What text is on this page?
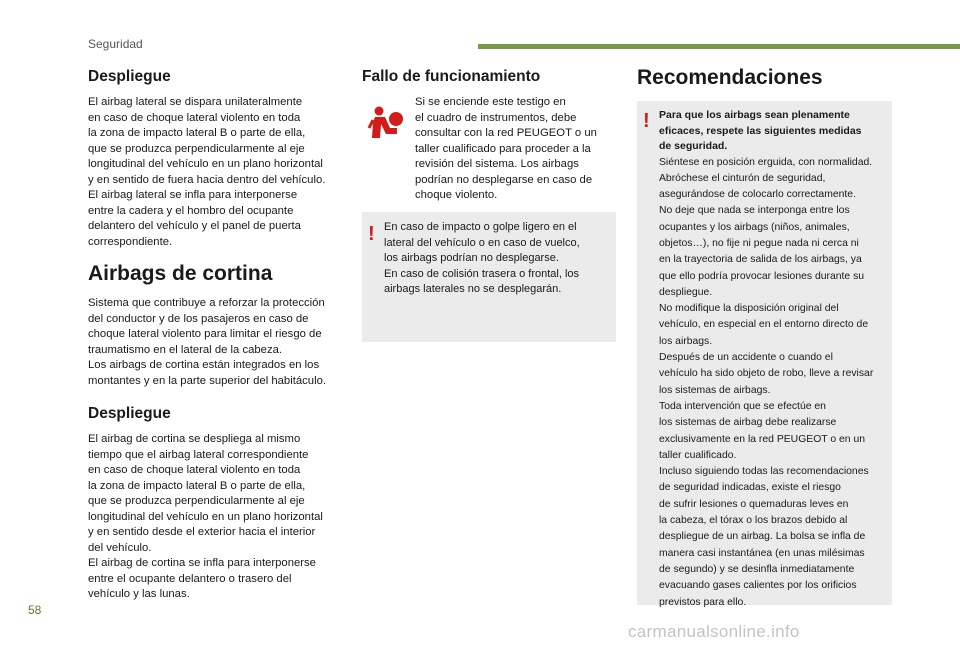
Seguridad
Despliegue

El airbag lateral se dispara unilateralmente
en caso de choque lateral violento en toda
la zona de impacto lateral B o parte de ella,
que se produzca perpendicularmente al eje
longitudinal del vehículo en un plano horizontal
y en sentido de fuera hacia dentro del vehículo.
El airbag lateral se infla para interponerse
entre la cadera y el hombro del ocupante
delantero del vehículo y el panel de puerta
correspondiente.

Airbags de cortina

Sistema que contribuye a reforzar la protección
del conductor y de los pasajeros en caso de
choque lateral violento para limitar el riesgo de
traumatismo en el lateral de la cabeza.
Los airbags de cortina están integrados en los
montantes y en la parte superior del habitáculo.

Despliegue

El airbag de cortina se despliega al mismo
tiempo que el airbag lateral correspondiente
en caso de choque lateral violento en toda
la zona de impacto lateral B o parte de ella,
que se produzca perpendicularmente al eje
longitudinal del vehículo en un plano horizontal
y en sentido desde el exterior hacia el interior
del vehículo.
El airbag de cortina se infla para interponerse
entre el ocupante delantero o trasero del
vehículo y las lunas.

Fallo de funcionamiento

Si se enciende este testigo en
el cuadro de instrumentos, debe
consultar con la red PEUGEOT o un
taller cualificado para proceder a la
revisión del sistema. Los airbags
podrían no desplegarse en caso de
choque violento.

! En caso de impacto o golpe ligero en el
lateral del vehículo o en caso de vuelco,
los airbags podrían no desplegarse.
En caso de colisión trasera o frontal, los
airbags laterales no se desplegarán.
Recomendaciones
! Para que los airbags sean plenamente
eficaces, respete las siguientes medidas
de seguridad.
Siéntese en posición erguida, con normalidad.
Abróchese el cinturón de seguridad,
asegurándose de colocarlo correctamente.
No deje que nada se interponga entre los
ocupantes y los airbags (niños, animales,
objetos…), no fije ni pegue nada ni cerca ni
en la trayectoria de salida de los airbags, ya
que ello podría provocar lesiones durante su
despliegue.
No modifique la disposición original del
vehículo, en especial en el entorno directo de
los airbags.
Después de un accidente o cuando el
vehículo ha sido objeto de robo, lleve a revisar
los sistemas de airbags.
Toda intervención que se efectúe en
los sistemas de airbag debe realizarse
exclusivamente en la red PEUGEOT o en un
taller cualificado.
Incluso siguiendo todas las recomendaciones
de seguridad indicadas, existe el riesgo
de sufrir lesiones o quemaduras leves en
la cabeza, el tórax o los brazos debido al
despliegue de un airbag. La bolsa se infla de
manera casi instantánea (en unas milésimas
de segundo) y se desinfla inmediatamente
evacuando gases calientes por los orificios
previstos para ello.
58
carmanualsonline.info
